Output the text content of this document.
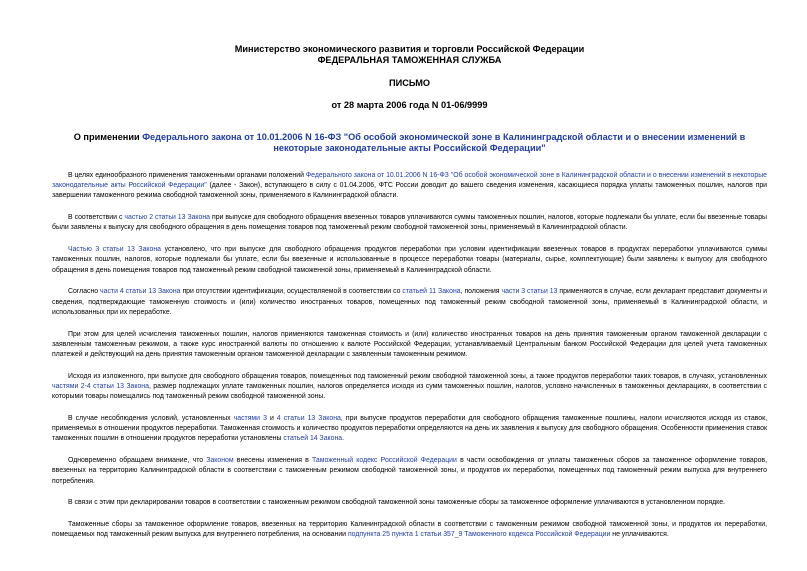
Министерство экономического развития и торговли Российской Федерации
ФЕДЕРАЛЬНАЯ ТАМОЖЕННАЯ СЛУЖБА
ПИСЬМО
от 28 марта 2006 года N 01-06/9999
О применении Федерального закона от 10.01.2006 N 16-ФЗ "Об особой экономической зоне в Калининградской области и о внесении изменений в некоторые законодательные акты Российской Федерации"

В целях единообразного применения таможенными органами положений Федерального закона от 10.01.2006 N 16-ФЗ "Об особой экономической зоне в Калининградской области и о внесении изменений в некоторые законодательные акты Российской Федерации" (далее - Закон), вступающего в силу с 01.04.2006, ФТС России доводит до вашего сведения изменения, касающиеся порядка уплаты таможенных пошлин, налогов при завершении таможенного режима свободной таможенной зоны, применяемого в Калининградской области.

В соответствии с частью 2 статьи 13 Закона при выпуске для свободного обращения ввезенных товаров уплачиваются суммы таможенных пошлин, налогов, которые подлежали бы уплате, если бы ввезенные товары были заявлены к выпуску для свободного обращения в день помещения товаров под таможенный режим свободной таможенной зоны, применяемый в Калининградской области.

Частью 3 статьи 13 Закона установлено, что при выпуске для свободного обращения продуктов переработки при условии идентификации ввезенных товаров в продуктах переработки уплачиваются суммы таможенных пошлин, налогов, которые подлежали бы уплате, если бы ввезенные и использованные в процессе переработки товары (материалы, сырье, комплектующие) были заявлены к выпуску для свободного обращения в день помещения товаров под таможенный режим свободной таможенной зоны, применяемый в Калининградской области.

Согласно части 4 статьи 13 Закона при отсутствии идентификации, осуществляемой в соответствии со статьей 11 Закона, положения части 3 статьи 13 применяются в случае, если декларант представит документы и сведения, подтверждающие таможенную стоимость и (или) количество иностранных товаров, помещенных под таможенный режим свободной таможенной зоны, применяемый в Калининградской области, и использованных при их переработке.

При этом для целей исчисления таможенных пошлин, налогов применяются таможенная стоимость и (или) количество иностранных товаров на день принятия таможенным органом таможенной декларации с заявленным таможенным режимом, а также курс иностранной валюты по отношению к валюте Российской Федерации, устанавливаемый Центральным банком Российской Федерации для целей учета таможенных платежей и действующий на день принятия таможенным органом таможенной декларации с заявленным таможенным режимом.

Исходя из изложенного, при выпуске для свободного обращения товаров, помещенных под таможенный режим свободной таможенной зоны, а также продуктов переработки таких товаров, в случаях, установленных частями 2-4 статьи 13 Закона, размер подлежащих уплате таможенных пошлин, налогов определяется исходя из сумм таможенных пошлин, налогов, условно начисленных в таможенных декларациях, в соответствии с которыми товары помещались под таможенный режим свободной таможенной зоны.

В случае несоблюдения условий, установленных частями 3 и 4 статьи 13 Закона, при выпуске продуктов переработки для свободного обращения таможенные пошлины, налоги исчисляются исходя из ставок, применяемых в отношении продуктов переработки. Таможенная стоимость и количество продуктов переработки определяются на день их заявления к выпуску для свободного обращения. Особенности применения ставок таможенных пошлин в отношении продуктов переработки установлены статьей 14 Закона.

Одновременно обращаем внимание, что Законом внесены изменения в Таможенный кодекс Российской Федерации в части освобождения от уплаты таможенных сборов за таможенное оформление товаров, ввезенных на территорию Калининградской области в соответствии с таможенным режимом свободной таможенной зоны, и продуктов их переработки, помещенных под таможенный режим выпуска для внутреннего потребления.

В связи с этим при декларировании товаров в соответствии с таможенным режимом свободной таможенной зоны таможенные сборы за таможенное оформление уплачиваются в установленном порядке.

Таможенные сборы за таможенное оформление товаров, ввезенных на территорию Калининградской области в соответствии с таможенным режимом свободной таможенной зоны, и продуктов их переработки, помещаемых под таможенный режим выпуска для внутреннего потребления, на основании подпункта 25 пункта 1 статьи 357_9 Таможенного кодекса Российской Федерации не уплачиваются.
